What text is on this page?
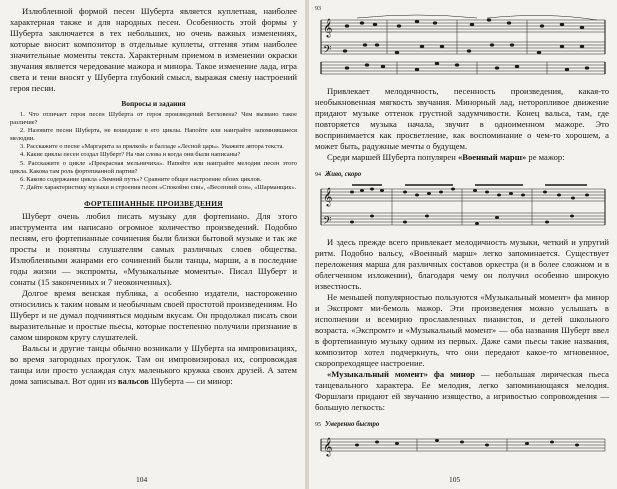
Излюбленной формой песен Шуберта является куплетная, наиболее характерная также и для народных песен. Особенность этой формы у Шуберта заключается в тех небольших, но очень важных изменениях, которые вносит композитор в отдельные куплеты, оттеняя этим наиболее значительные моменты текста. Характерным приемом в изменении окраски звучания является чередование мажора и минора. Такое изменение лада, игра света и тени вносят у Шуберта глубокий смысл, выражая смену настроений героя песни.

Вопросы и задания

1. Что отличает героя песен Шуберта от героя произведений Бетховена? Чем вызвано такое различие?

2. Назовите песни Шуберта, не вошедшие в его циклы. Напойте или наиграйте запомнившиеся мелодии.

3. Расскажите о песне «Маргарита за прялкой» и балладе «Лесной царь». Укажите автора текста.

4. Какие циклы песен создал Шуберт? На чьи слова и когда они были написаны?

5. Расскажите о цикле «Прекрасная мельничиха». Напойте или наиграйте мелодии песен этого цикла. Какова там роль фортепианной партии?

6. Каково содержание цикла «Зимний путь»? Сравните общее настроение обоих циклов.

7. Дайте характеристику музыки и строения песен «Спокойно спи», «Весенний сон», «Шарманщик».

ФОРТЕПИАННЫЕ ПРОИЗВЕДЕНИЯ

Шуберт очень любил писать музыку для фортепиано. Для этого инструмента им написано огромное количество произведений. Подобно песням, его фортепианные сочинения были близки бытовой музыке и так же просты и понятны слушателям самых различных слоев общества. Излюбленными жанрами его сочинений были танцы, марши, а в последние годы жизни — экспромты, «Музыкальные моменты». Писал Шуберт и сонаты (15 законченных и 7 неоконченных).

Долгое время венская публика, а особенно издатели, настороженно относились к таким новым и необычным своей простотой произведениям. Но Шуберт и не думал подчиняться модным вкусам. Он продолжал писать свои выразительные и простые пьесы, которые постепенно получили признание в самом широком кругу слушателей.

Вальсы и другие танцы обычно возникали у Шуберта на импровизациях, во время загородных прогулок. Там он импровизировал их, сопровождая танцы или просто услаждая слух маленького кружка своих друзей. А затем дома записывал. Вот один из вальсов Шуберта — си минор:

104
93
𝄞
𝄢

Привлекает мелодичность, песенность произведения, какая-то необыкновенная мягкость звучания. Минорный лад, неторопливое движение придают музыке оттенок грустной задумчивости. Конец вальса, там, где повторяется музыка начала, звучит в одноименном мажоре. Это воспринимается как просветление, как воспоминание о чем-то хорошем, а может быть, радужные мечты о будущем.

Среди маршей Шуберта популярен «Военный марш» ре мажор:

94 Живо, скоро
𝄞
𝄢

И здесь прежде всего привлекает мелодичность музыки, четкий и упругий ритм. Подобно вальсу, «Военный марш» легко запоминается. Существует переложения марша для различных составов оркестра (и в более сложном и в облегченном изложении), благодаря чему он получил особенно широкую известность.

Не меньшей популярностью пользуются «Музыкальный момент» фа минор и Экспромт ми-бемоль мажор. Эти произведения можно услышать в исполнении и всемирно прославленных пианистов, и детей школьного возраста. «Экспромт» и «Музыкальный момент» — оба названия Шуберт ввел в фортепианную музыку одним из первых. Даже сами пьесы такие названия, композитор хотел подчеркнуть, что они передают какое-то мгновенное, скоропреходящее настроение.

«Музыкальный момент» фа минор — небольшая лирическая пьеса танцевального характера. Ее мелодия, легко запоминающаяся мелодия. Форшлаги придают ей звучанию изящество, а игривостью сопровождения — большую легкость:

95 Умеренно быстро
𝄞
105
